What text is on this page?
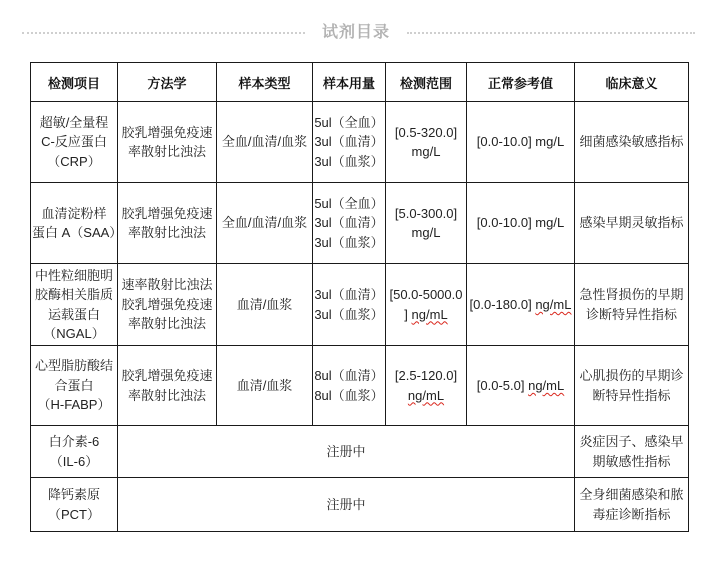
试剂目录
检测项目	方法学	样本类型	样本用量	检测范围	正常参考值	临床意义

超敏/全量程
C-反应蛋白
（CRP）	胶乳增强免疫速
率散射比浊法	全血/血清/血浆	5ul（全血）
3ul（血清）
3ul（血浆）	[0.5-320.0]
mg/L	[0.0-10.0] mg/L	细菌感染敏感指标

血清淀粉样
蛋白 A（SAA）	胶乳增强免疫速
率散射比浊法	全血/血清/血浆	5ul（全血）
3ul（血清）
3ul（血浆）	[5.0-300.0]
mg/L	[0.0-10.0] mg/L	感染早期灵敏指标

中性粒细胞明
胶酶相关脂质
运载蛋白
（NGAL）	速率散射比浊法
胶乳增强免疫速
率散射比浊法	血清/血浆	3ul（血清）
3ul（血浆）	[50.0-5000.0
] ng/mL	[0.0-180.0] ng/mL	急性肾损伤的早期
诊断特异性指标

心型脂肪酸结
合蛋白
（H-FABP）	胶乳增强免疫速
率散射比浊法	血清/血浆	8ul（血清）
8ul（血浆）	[2.5-120.0]
ng/mL	[0.0-5.0] ng/mL	心肌损伤的早期诊
断特异性指标

白介素-6
（IL-6）	注册中					炎症因子、感染早
期敏感性指标

降钙素原
（PCT）	注册中					全身细菌感染和脓
毒症诊断指标
